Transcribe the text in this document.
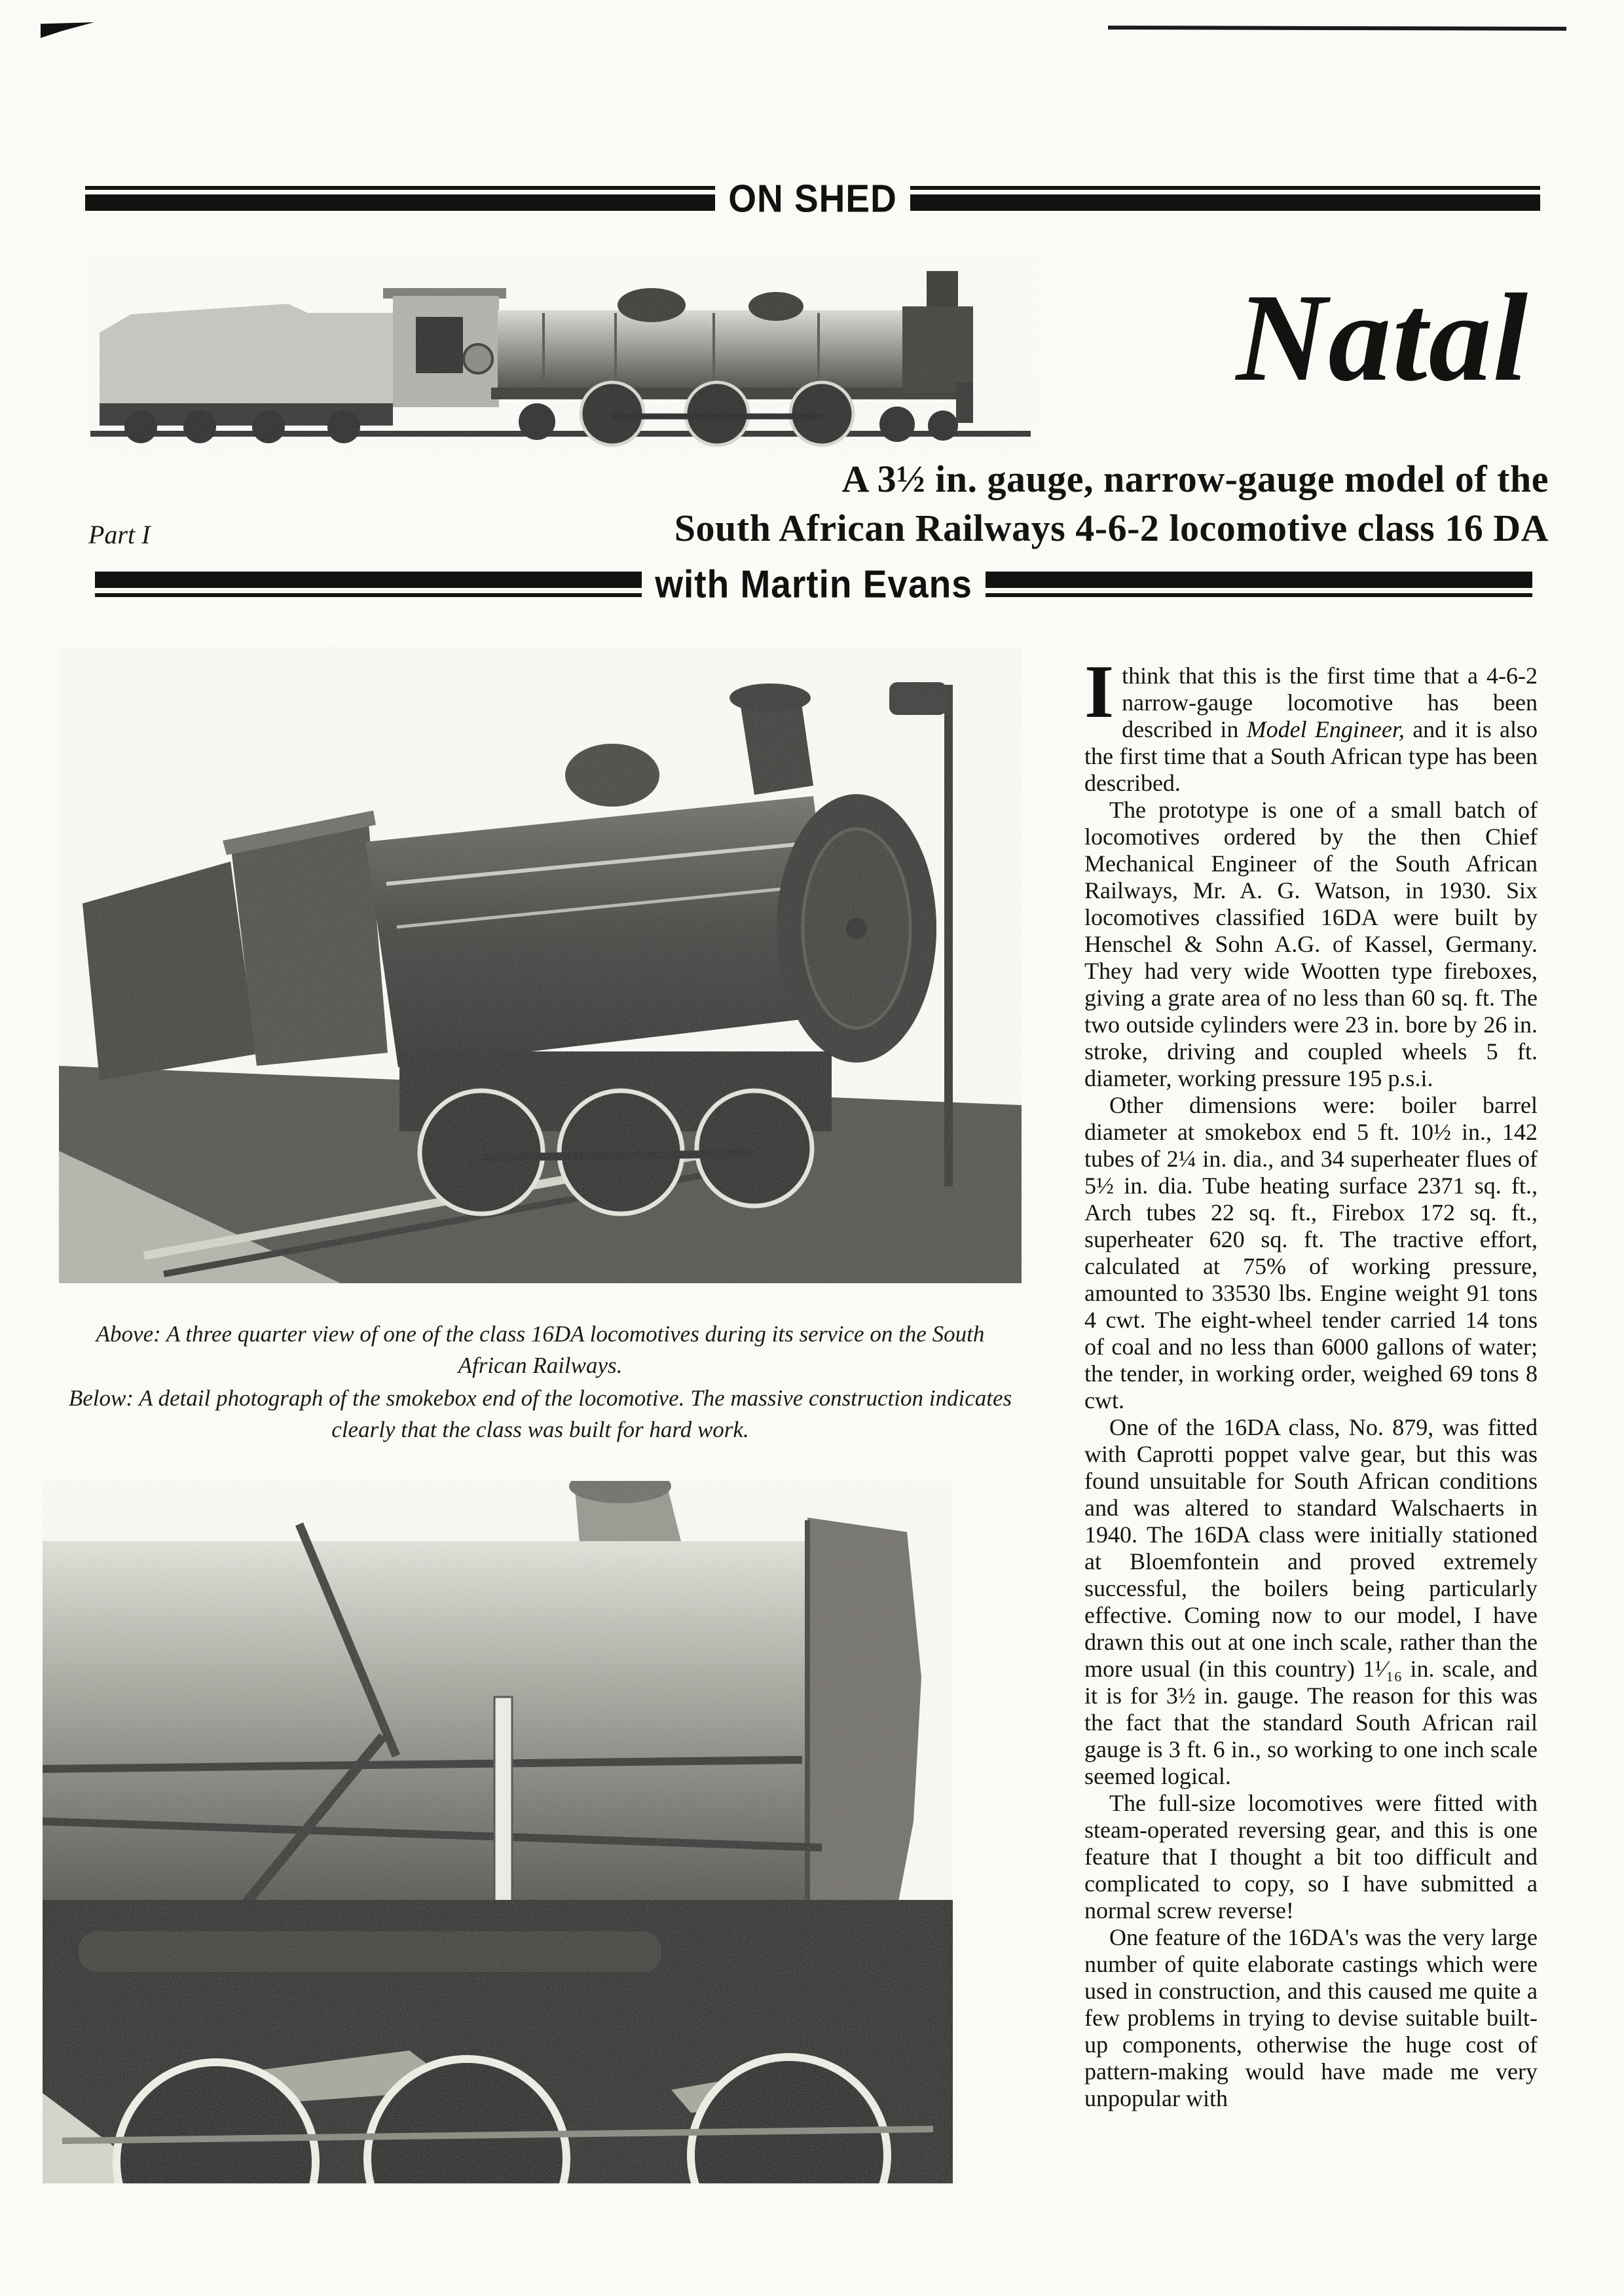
ON SHED
Natal
A 3½ in. gauge, narrow-gauge model of the
South African Railways 4-6-2 locomotive class 16 DA
Part I
with Martin Evans

Ithink that this is the first time that a 4-6-2 narrow-gauge locomotive has been described in Model Engineer, and it is also the first time that a South African type has been described.

The prototype is one of a small batch of locomotives ordered by the then Chief Mechanical Engineer of the South African Railways, Mr. A. G. Watson, in 1930. Six locomotives classified 16DA were built by Henschel & Sohn A.G. of Kassel, Germany. They had very wide Wootten type fireboxes, giving a grate area of no less than 60 sq. ft. The two outside cylinders were 23 in. bore by 26 in. stroke, driving and coupled wheels 5 ft. diameter, working pressure 195 p.s.i.

Other dimensions were: boiler barrel diameter at smokebox end 5 ft. 10½ in., 142 tubes of 2¼ in. dia., and 34 superheater flues of 5½ in. dia. Tube heating surface 2371 sq. ft., Arch tubes 22 sq. ft., Firebox 172 sq. ft., superheater 620 sq. ft. The tractive effort, calculated at 75% of working pressure, amounted to 33530 lbs. Engine weight 91 tons 4 cwt. The eight-wheel tender carried 14 tons of coal and no less than 6000 gallons of water; the tender, in working order, weighed 69 tons 8 cwt.

One of the 16DA class, No. 879, was fitted with Caprotti poppet valve gear, but this was found unsuitable for South African conditions and was altered to standard Walschaerts in 1940. The 16DA class were initially stationed at Bloemfontein and proved extremely successful, the boilers being particularly effective. Coming now to our model, I have drawn this out at one inch scale, rather than the more usual (in this country) 1¹⁄₁₆ in. scale, and it is for 3½ in. gauge. The reason for this was the fact that the standard South African rail gauge is 3 ft. 6 in., so working to one inch scale seemed logical.

The full-size locomotives were fitted with steam-operated reversing gear, and this is one feature that I thought a bit too difficult and complicated to copy, so I have submitted a normal screw reverse!

One feature of the 16DA's was the very large number of quite elaborate castings which were used in construction, and this caused me quite a few problems in trying to devise suitable built-up components, otherwise the huge cost of pattern-making would have made me very unpopular with

Above: A three quarter view of one of the class 16DA locomotives during its service on the South African Railways.
Below: A detail photograph of the smokebox end of the locomotive. The massive construction indicates clearly that the class was built for hard work.
